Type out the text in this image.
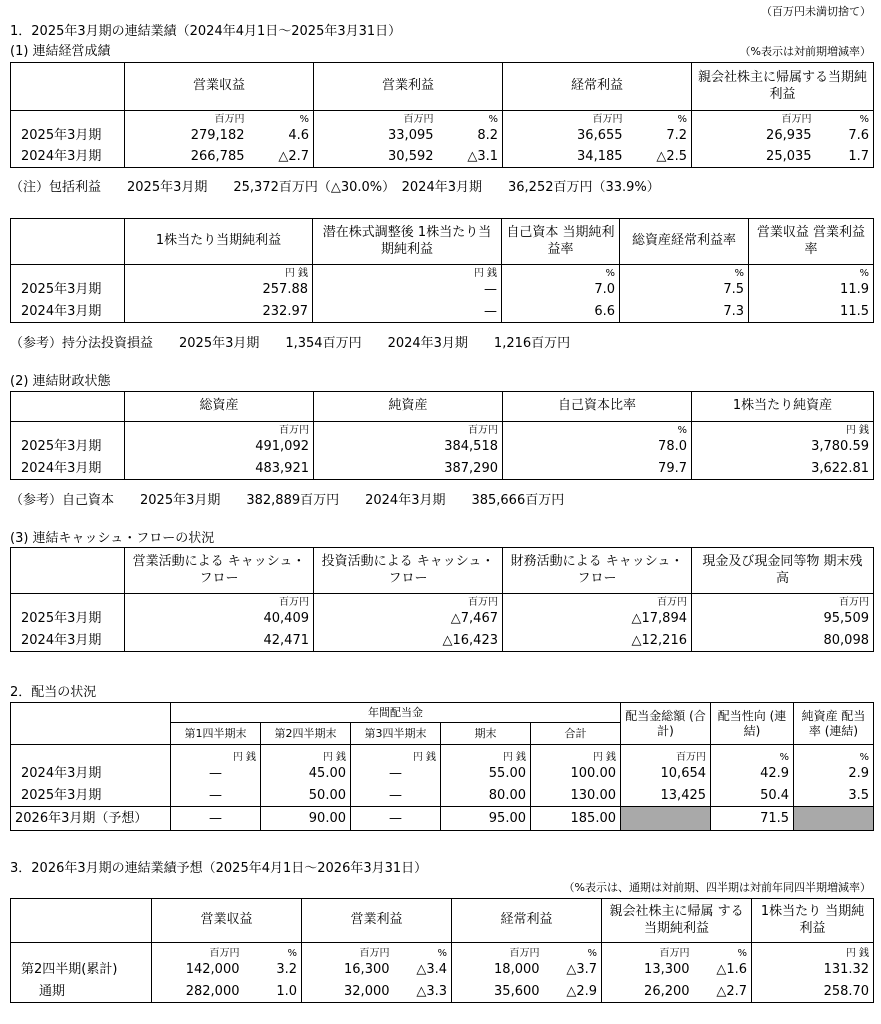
（百万円未満切捨て）
1．2025年3月期の連結業績（2024年4月1日～2025年3月31日）
(1) 連結経営成績	（%表示は対前期増減率）
	営業収益		営業利益		経常利益		親会社株主に帰属する当期純利益	
	百万円	%	百万円	%	百万円	%	百万円	%
2025年3月期	279,182	4.6	33,095	8.2	36,655	7.2	26,935	7.6
2024年3月期	266,785	△2.7	30,592	△3.1	34,185	△2.5	25,035	1.7
（注）包括利益　　2025年3月期　　25,372百万円（△30.0%）　2024年3月期　　36,252百万円（33.9%）
	1株当たり当期純利益	潜在株式調整後 1株当たり当期純利益	自己資本 当期純利益率	総資産経常利益率	営業収益 営業利益率
	円 銭	円 銭	%	%	%
2025年3月期	257.88	—	7.0	7.5	11.9
2024年3月期	232.97	—	6.6	7.3	11.5
（参考）持分法投資損益　　2025年3月期　　1,354百万円　　2024年3月期　　1,216百万円
(2) 連結財政状態
	総資産	純資産	自己資本比率	1株当たり純資産
	百万円	百万円	%	円 銭
2025年3月期	491,092	384,518	78.0	3,780.59
2024年3月期	483,921	387,290	79.7	3,622.81
（参考）自己資本　　2025年3月期　　382,889百万円　　2024年3月期　　385,666百万円
(3) 連結キャッシュ・フローの状況
	営業活動による キャッシュ・フロー	投資活動による キャッシュ・フロー	財務活動による キャッシュ・フロー	現金及び現金同等物 期末残高
	百万円	百万円	百万円	百万円
2025年3月期	40,409	△7,467	△17,894	95,509
2024年3月期	42,471	△16,423	△12,216	80,098
2．配当の状況
	年間配当金					配当金総額 (合計)	配当性向 (連結)	純資産 配当率 (連結)
	第1四半期末	第2四半期末	第3四半期末	期末	合計			
	円 銭	円 銭	円 銭	円 銭	円 銭	百万円	%	%
2024年3月期	—	45.00	—	55.00	100.00	10,654	42.9	2.9
2025年3月期	—	50.00	—	80.00	130.00	13,425	50.4	3.5
2026年3月期（予想）	—	90.00	—	95.00	185.00		71.5	
3．2026年3月期の連結業績予想（2025年4月1日～2026年3月31日）
（%表示は、通期は対前期、四半期は対前年同四半期増減率）
	営業収益		営業利益		経常利益		親会社株主に帰属 する当期純利益		1株当たり 当期純利益
	百万円	%	百万円	%	百万円	%	百万円	%	円 銭
第2四半期(累計)	142,000	3.2	16,300	△3.4	18,000	△3.7	13,300	△1.6	131.32
通期	282,000	1.0	32,000	△3.3	35,600	△2.9	26,200	△2.7	258.70
